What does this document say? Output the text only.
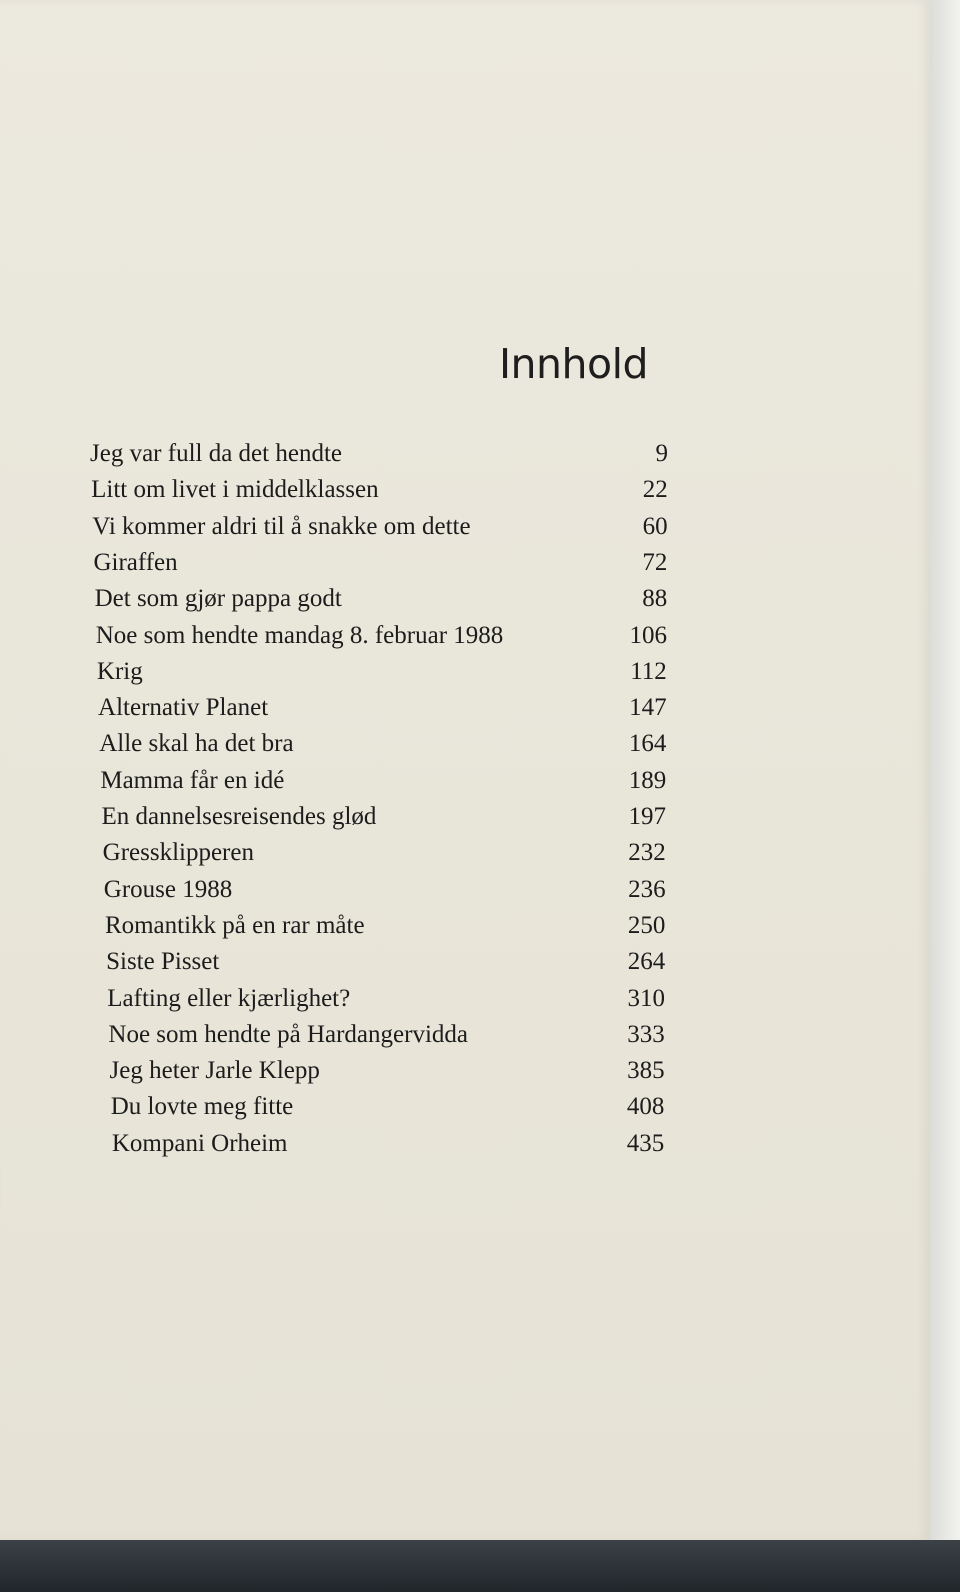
Innhold
Jeg var full da det hendte	9
Litt om livet i middelklassen	22
Vi kommer aldri til å snakke om dette	60
Giraffen	72
Det som gjør pappa godt	88
Noe som hendte mandag 8. februar 1988	106
Krig	112
Alternativ Planet	147
Alle skal ha det bra	164
Mamma får en idé	189
En dannelsesreisendes glød	197
Gressklipperen	232
Grouse 1988	236
Romantikk på en rar måte	250
Siste Pisset	264
Lafting eller kjærlighet?	310
Noe som hendte på Hardangervidda	333
Jeg heter Jarle Klepp	385
Du lovte meg fitte	408
Kompani Orheim	435
